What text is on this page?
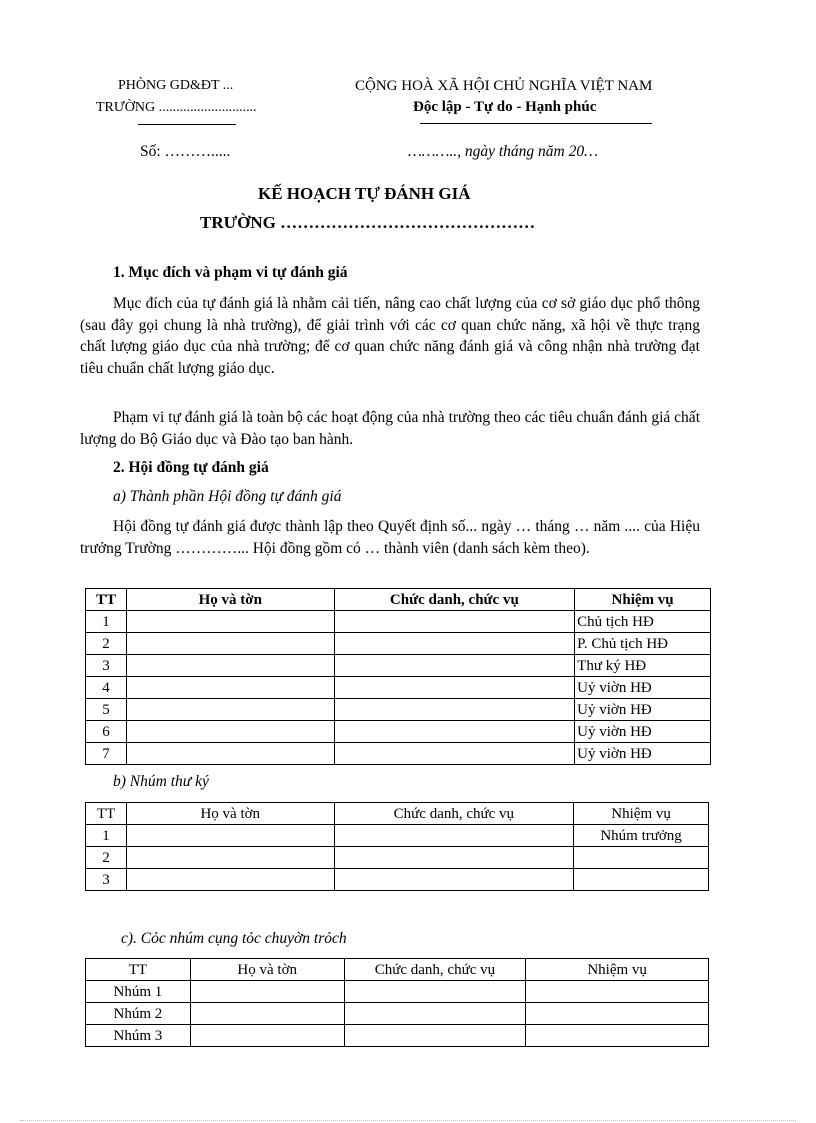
PHÒNG GD&ĐT ...
TRƯỜNG ............................
CỘNG HOÀ XÃ HỘI CHỦ NGHĨA VIỆT NAM
Độc lập - Tự do - Hạnh phúc
Số: ……….....	……….., ngày tháng năm 20…
KẾ HOẠCH TỰ ĐÁNH GIÁ
TRƯỜNG ………………………………………
1. Mục đích và phạm vi tự đánh giá
Mục đích của tự đánh giá là nhằm cải tiến, nâng cao chất lượng của cơ sở giáo dục phổ thông (sau đây gọi chung là nhà trường), để giải trình với các cơ quan chức năng, xã hội về thực trạng chất lượng giáo dục của nhà trường; để cơ quan chức năng đánh giá và công nhận nhà trường đạt tiêu chuẩn chất lượng giáo dục.
Phạm vi tự đánh giá là toàn bộ các hoạt động của nhà trường theo các tiêu chuẩn đánh giá chất lượng do Bộ Giáo dục và Đào tạo ban hành.
2. Hội đồng tự đánh giá
a) Thành phần Hội đồng tự đánh giá
Hội đồng tự đánh giá được thành lập theo Quyết định số... ngày … tháng … năm .... của Hiệu trưởng Trường …………... Hội đồng gồm có … thành viên (danh sách kèm theo).
TT	Họ và tờn	Chức danh, chức vụ	Nhiệm vụ
1			Chủ tịch HĐ
2			P. Chủ tịch HĐ
3			Thư ký HĐ
4			Uỷ viờn HĐ
5			Uỷ viờn HĐ
6			Uỷ viờn HĐ
7			Uỷ viờn HĐ
b) Nhúm thư ký
TT	Họ và tờn	Chức danh, chức vụ	Nhiệm vụ
1			Nhúm trưởng
2			
3			
c). Cỏc nhúm cụng tỏc chuyờn trỏch
TT	Họ và tờn	Chức danh, chức vụ	Nhiệm vụ
Nhúm 1			
Nhúm 2			
Nhúm 3			
